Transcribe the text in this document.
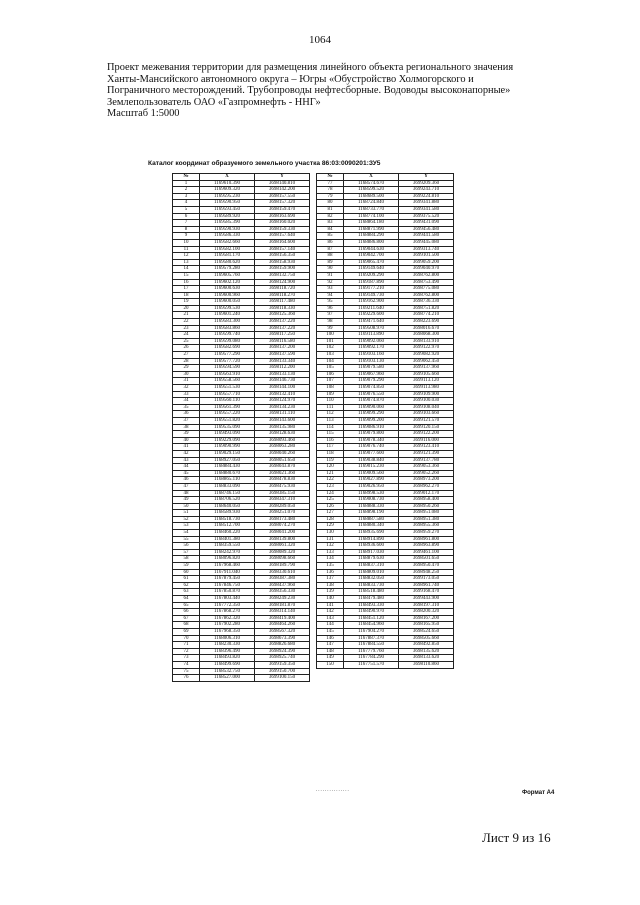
1064
Проект межевания территории для размещения линейного объекта регионального значения
Ханты-Мансийского автономного округа – Югры «Обустройство Холмогорского и
Пограничного месторождений. Трубопроводы нефтесборные. Водоводы высоконапорные»
Землепользователь ОАО «Газпромнефть - ННГ»
Масштаб 1:5000
Каталог координат образуемого земельного участка 86:03:0090201:ЗУ5
№	X	Y
1	1169610.390	3698140.810
2	1169609.320	3698142.200
3	1169595.230	3698157.550
4	1169590.950	3698157.320
5	1169593.450	3698159.470
6	1169589.920	3698163.690
7	1169585.390	3698160.020
8	1169590.930	3698159.330
9	1169586.330	3698157.640
10	1169582.660	3698164.600
11	1169582.100	3698157.140
12	1169581.170	3698156.350
13	1169580.620	3698158.930
14	1169579.280	3698159.900
15	1169605.760	3698132.750
16	1169602.120	3698124.900
17	1169600.630	3698118.720
18	1169600.960	3698118.270
19	1169600.050	3698117.480
20	1169599.530	3698118.330
21	1169601.240	3698125.360
22	1169583.300	3698137.220
23	1169583.860	3698137.220
24	1169599.740	3698117.250
25	1169599.080	3698116.580
26	1169582.690	3698137.200
27	1169577.290	3698137.590
28	1169577.720	3698133.340
29	1169594.590	3698112.200
30	1169563.910	3698133.130
31	1169558.560	3698146.730
32	1169551.530	3698144.100
33	1169557.710	3698132.410
34	1169560.110	3698124.970
35	1169561.390	3698134.230
36	1169557.220	3698131.110
37	1169551.820	3698143.600
38	1169535.090	3698135.980
39	1169493.090	3698128.630
40	1169229.090	3698093.460
41	1169090.990	3698063.280
42	1169029.150	3698040.260
43	1168927.050	3698051.650
44	1168884.430	3698043.870
45	1168880.670	3698021.360
46	1168865.110	3698478.830
47	1168833.090	3698475.930
48	1168746.150	3698385.150
49	1168706.520	3698347.310
50	1168640.050	3698289.050
51	1168589.930	3698251.070
52	1168518.730	3698173.480
53	1168512.700	3698074.270
54	1168460.220	3698041.200
55	1168401.380	3698139.800
56	1168359.550	3698061.320
57	1168242.970	3698089.320
58	1168096.820	3698098.660
59	1167968.460	3698189.790
60	1167911.040	3698330.610
61	1167879.450	3698387.380
62	1167846.750	3698437.960
63	1167850.870	3698356.330
64	1167803.440	3698249.230
65	1167772.350	3698181.870
66	1167868.270	3698314.140
67	1167862.320	3698419.400
68	1167902.280	3698464.260
69	1167968.350	3698567.320
70	1168006.310	3698673.390
71	1168230.330	3698826.680
72	1168396.490	3698924.390
73	1168493.820	3698925.740
74	1168499.690	3699159.350
75	1168532.750	3699150.700
76	1168527.000	3699100.150
№	X	Y
77	1168574.670	3699209.360
78	1168599.520	3699243.710
79	1168689.500	3699224.810
80	1168724.840	3699341.880
81	1168733.770	3699341.580
82	1168774.100	3699375.520
83	1168864.180	3699431.090
84	1168871.990	3699456.480
85	1168884.290	3699441.580
86	1168886.800	3699445.080
87	1169044.630	3699313.740
88	1169042.700	3699101.500
89	1169065.470	3699059.200
90	1169149.640	3699040.970
91	1169209.290	3698762.800
92	1169187.890	3698753.490
93	1169177.210	3698775.080
94	1169149.730	3698762.800
95	1169162.900	3698736.330
96	1169211.640	3698751.820
97	1169229.600	3698774.210
98	1169471.640	3698223.690
99	1169508.970	3698016.670
100	1169113.890	3698068.300
101	1169092.060	3698133.910
102	1169092.170	3699122.970
103	1169103.160	3699082.920
104	1169103.130	3699062.450
105	1169079.580	3699137.960
106	1169067.960	3699105.660
107	1169079.290	3699113.120
108	1169074.850	3699113.980
109	1169076.550	3699109.900
110	1169074.870	3699100.030
111	1169090.060	3699108.040
112	1169099.290	3699103.660
113	1169099.200	3699121.570
114	1169086.910	3699120.150
115	1169079.800	3699122.200
116	1169078.340	3699116.000
117	1169076.740	3699123.410
118	1169077.600	3699121.390
119	1169038.840	3699137.780
120	1169015.230	3699053.360
121	1169009.560	3699052.260
122	1169027.890	3698973.200
123	1169026.950	3698962.270
124	1168998.530	3699012.170
125	1169008.730	3698958.400
126	1168888.330	3698950.260
127	1168898.190	3698951.080
128	1168887.580	3698951.380
129	1168880.340	3698955.360
130	1168935.690	3698959.270
131	1168914.890	3698961.800
132	1168936.600	3698963.890
133	1168917.030	3699461.100
134	1168879.630	3698501.650
135	1168837.310	3698950.470
136	1168809.010	3698948.250
137	1168832.050	3699173.050
138	1168833.730	3698961.740
139	1168518.480	3699168.470
140	1168479.480	3699443.900
141	1168493.330	3698197.310
142	1168490.970	3698200.320
143	1168451.120	3698167.200
144	1168454.960	3698165.950
145	1167904.270	3698524.650
146	1167887.370	3698505.660
147	1167884.550	3698492.850
148	1167779.760	3698135.620
149	1167784.290	3698133.620
150	1167751.570	3698110.860
...............	Формат А4
Лист 9 из 16
